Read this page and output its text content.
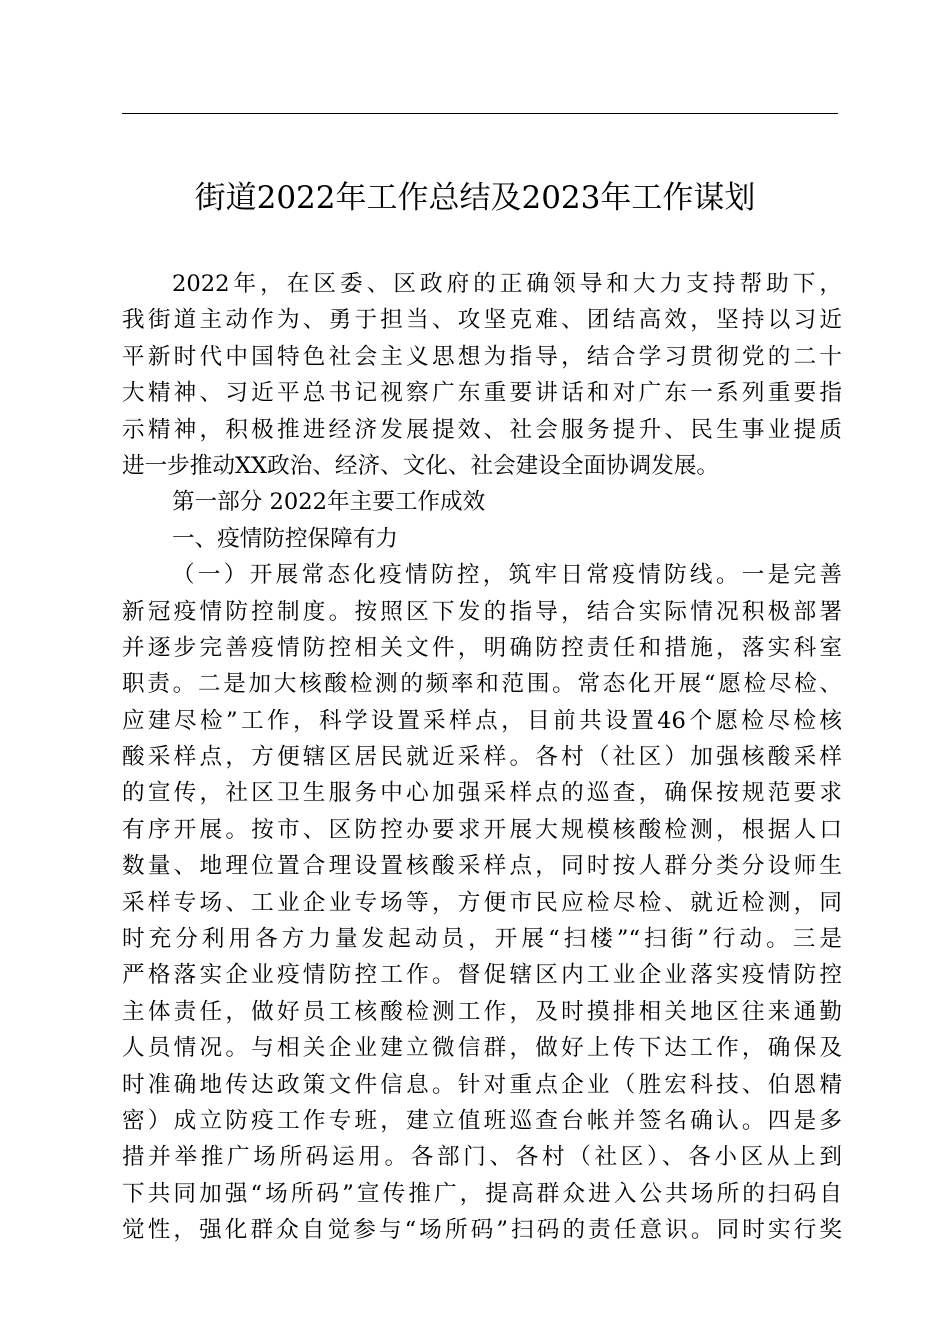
街道2022年工作总结及2023年工作谋划
2022年，在区委、区政府的正确领导和大力支持帮助下，
我街道主动作为、勇于担当、攻坚克难、团结高效，坚持以习近
平新时代中国特色社会主义思想为指导，结合学习贯彻党的二十
大精神、习近平总书记视察广东重要讲话和对广东一系列重要指
示精神，积极推进经济发展提效、社会服务提升、民生事业提质
进一步推动XX政治、经济、文化、社会建设全面协调发展。
第一部分 2022年主要工作成效
一、疫情防控保障有力
（一）开展常态化疫情防控，筑牢日常疫情防线。一是完善
新冠疫情防控制度。按照区下发的指导，结合实际情况积极部署
并逐步完善疫情防控相关文件，明确防控责任和措施，落实科室
职责。二是加大核酸检测的频率和范围。常态化开展“愿检尽检、
应建尽检”工作，科学设置采样点，目前共设置46个愿检尽检核
酸采样点，方便辖区居民就近采样。各村（社区）加强核酸采样
的宣传，社区卫生服务中心加强采样点的巡查，确保按规范要求
有序开展。按市、区防控办要求开展大规模核酸检测，根据人口
数量、地理位置合理设置核酸采样点，同时按人群分类分设师生
采样专场、工业企业专场等，方便市民应检尽检、就近检测，同
时充分利用各方力量发起动员，开展“扫楼”“扫街”行动。三是
严格落实企业疫情防控工作。督促辖区内工业企业落实疫情防控
主体责任，做好员工核酸检测工作，及时摸排相关地区往来通勤
人员情况。与相关企业建立微信群，做好上传下达工作，确保及
时准确地传达政策文件信息。针对重点企业（胜宏科技、伯恩精
密）成立防疫工作专班，建立值班巡查台帐并签名确认。四是多
措并举推广场所码运用。各部门、各村（社区）、各小区从上到
下共同加强“场所码”宣传推广，提高群众进入公共场所的扫码自
觉性，强化群众自觉参与“场所码”扫码的责任意识。同时实行奖
